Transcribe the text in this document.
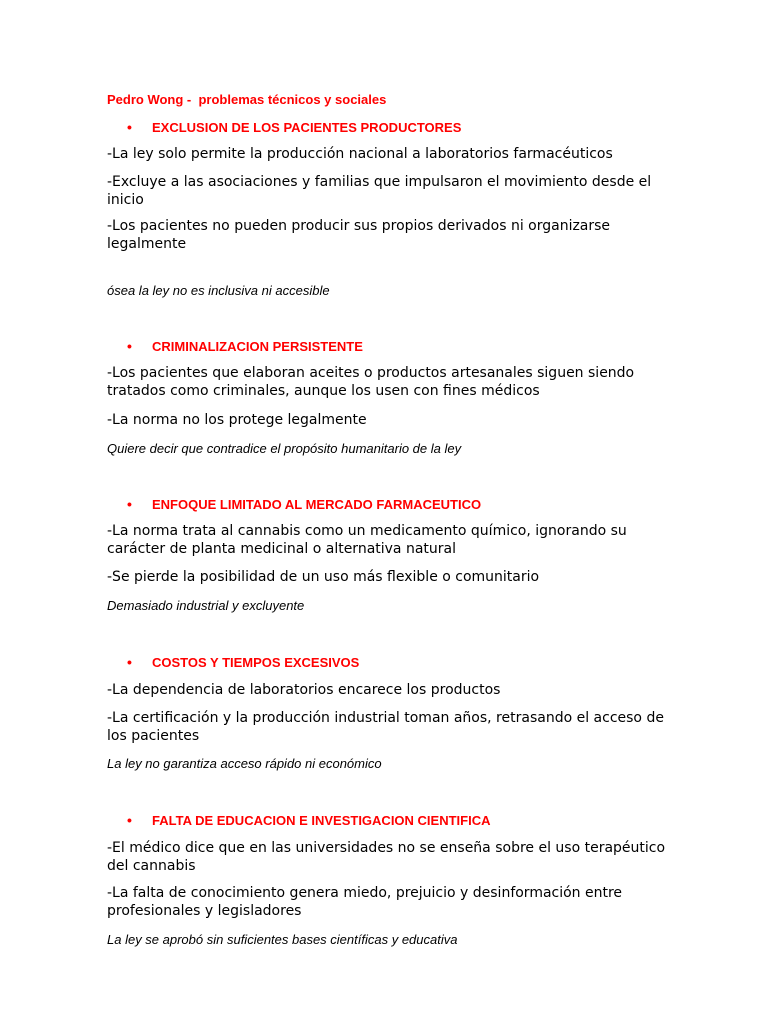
Pedro Wong -  problemas técnicos y sociales
• EXCLUSION DE LOS PACIENTES PRODUCTORES
-La ley solo permite la producción nacional a laboratorios farmacéuticos
-Excluye a las asociaciones y familias que impulsaron el movimiento desde el inicio
-Los pacientes no pueden producir sus propios derivados ni organizarse legalmente
ósea la ley no es inclusiva ni accesible
• CRIMINALIZACION PERSISTENTE
-Los pacientes que elaboran aceites o productos artesanales siguen siendo tratados como criminales, aunque los usen con fines médicos
-La norma no los protege legalmente
Quiere decir que contradice el propósito humanitario de la ley
• ENFOQUE LIMITADO AL MERCADO FARMACEUTICO
-La norma trata al cannabis como un medicamento químico, ignorando su carácter de planta medicinal o alternativa natural
-Se pierde la posibilidad de un uso más flexible o comunitario
Demasiado industrial y excluyente
• COSTOS Y TIEMPOS EXCESIVOS
-La dependencia de laboratorios encarece los productos
-La certificación y la producción industrial toman años, retrasando el acceso de los pacientes
La ley no garantiza acceso rápido ni económico
• FALTA DE EDUCACION E INVESTIGACION CIENTIFICA
-El médico dice que en las universidades no se enseña sobre el uso terapéutico del cannabis
-La falta de conocimiento genera miedo, prejuicio y desinformación entre profesionales y legisladores
La ley se aprobó sin suficientes bases científicas y educativa
